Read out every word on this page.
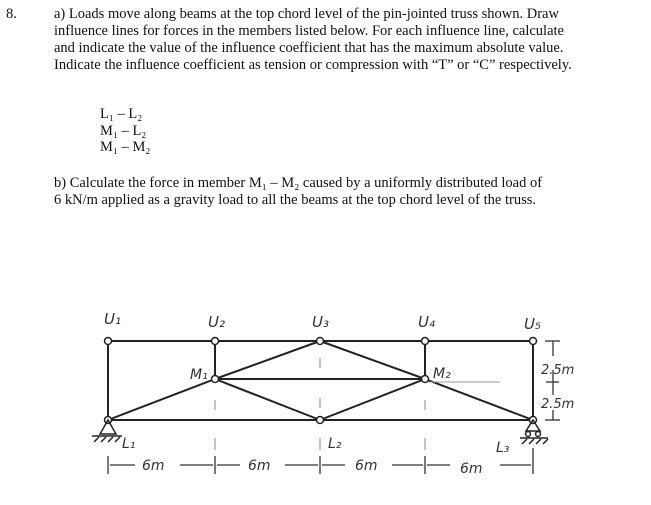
8.	a) Loads move along beams at the top chord level of the pin-jointed truss shown. Draw
influence lines for forces in the members listed below. For each influence line, calculate
and indicate the value of the influence coefficient that has the maximum absolute value.
Indicate the influence coefficient as tension or compression with “T” or “C” respectively.
L₁ – L₂
M₁ – L₂
M₁ – M₂
b) Calculate the force in member M₁ – M₂ caused by a uniformly distributed load of
6 kN/m applied as a gravity load to all the beams at the top chord level of the truss.
U₁	U₂	U₃	U₄	U₅
M₁	M₂
L₁	L₂	L₃
6m	6m	6m	6m
2.5m
2.5m
